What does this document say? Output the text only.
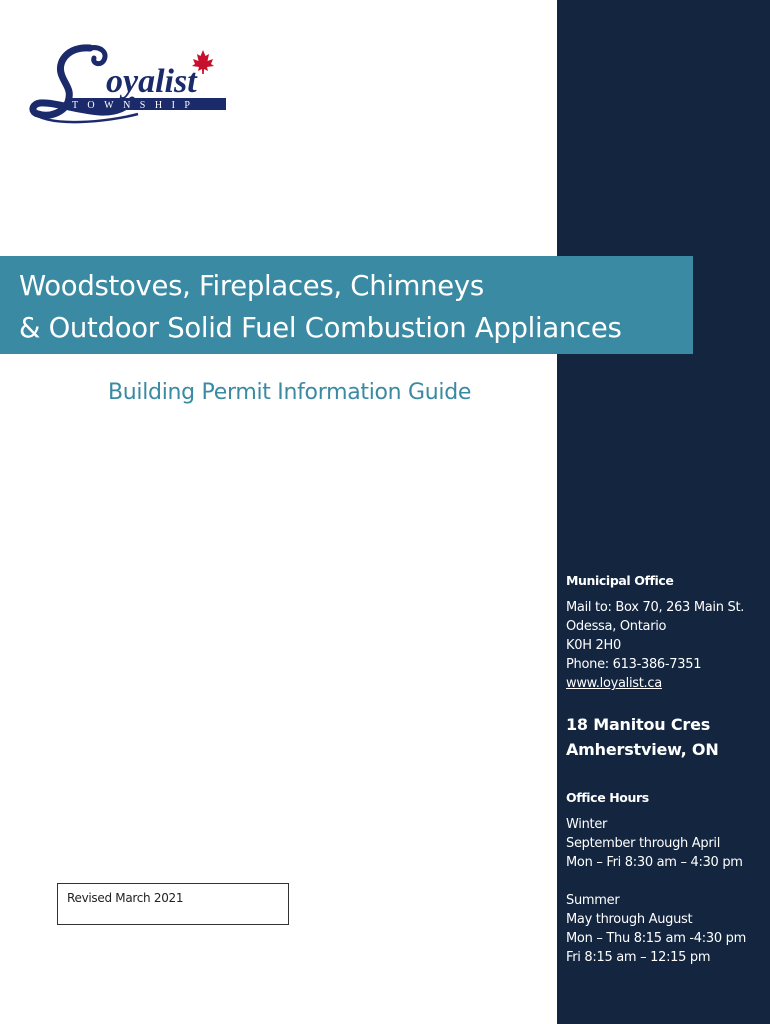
TOWNSHIP
oyalist
Woodstoves, Fireplaces, Chimneys
& Outdoor Solid Fuel Combustion Appliances
Building Permit Information Guide
Revised March 2021
Municipal Office
Mail to: Box 70, 263 Main St.
Odessa, Ontario
K0H 2H0
Phone: 613-386-7351
www.loyalist.ca
18 Manitou Cres
Amherstview, ON
Office Hours
Winter
September through April
Mon – Fri 8:30 am – 4:30 pm
Summer
May through August
Mon – Thu 8:15 am -4:30 pm
Fri 8:15 am – 12:15 pm
